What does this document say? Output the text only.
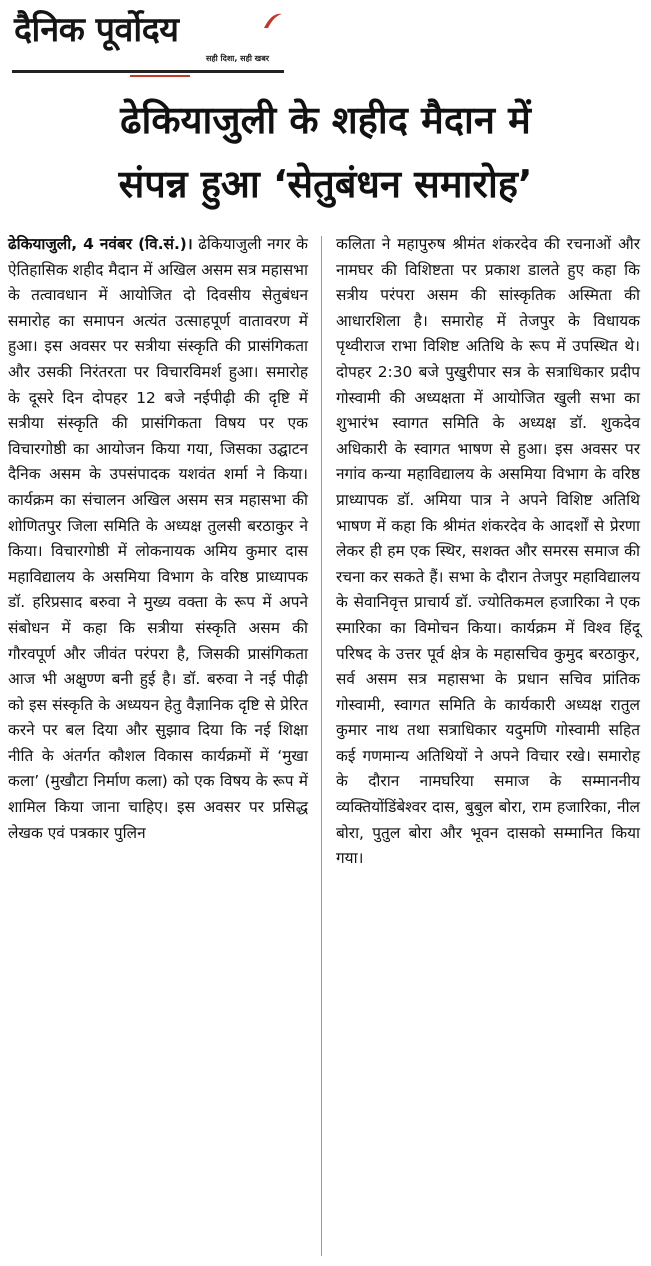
दैनिक पूर्वोदय
सही दिशा, सही खबर
ढेकियाजुली के शहीद मैदान में
संपन्न हुआ ‘सेतुबंधन समारोह’
ढेकियाजुली, 4 नवंबर (वि.सं.)। ढेकियाजुली नगर के ऐतिहासिक शहीद मैदान में अखिल असम सत्र महासभा के तत्वावधान में आयोजित दो दिवसीय सेतुबंधन समारोह का समापन अत्यंत उत्साहपूर्ण वातावरण में हुआ। इस अवसर पर सत्रीया संस्कृति की प्रासंगिकता और उसकी निरंतरता पर विचार‍विमर्श हुआ। समारोह के दूसरे दिन दोपहर 12 बजे नई‍पीढ़ी की दृष्टि में सत्रीया संस्कृति की प्रासंगिकता विषय पर एक विचारगोष्ठी का आयोजन किया गया, जिसका उद्घाटन दैनिक असम के उप‍संपादक यशवंत शर्मा ने किया। कार्यक्रम का संचालन अखिल असम सत्र महासभा की शोणितपुर जिला समिति के अध्यक्ष तुलसी बरठाकुर ने किया। विचारगोष्ठी में लोकनायक अमिय कुमार दास महाविद्यालय के असमिया विभाग के वरिष्ठ प्राध्यापक डॉ. हरिप्रसाद बरुवा ने मुख्य वक्ता के रूप में अपने संबोधन में कहा कि सत्रीया संस्कृति असम की गौरवपूर्ण और जीवंत परंपरा है, जिसकी प्रासंगिकता आज भी अक्षुण्ण बनी हुई है। डॉ. बरुवा ने नई पीढ़ी को इस संस्कृति के अध्ययन हेतु वैज्ञानिक दृष्टि से प्रेरित करने पर बल दिया और सुझाव दिया कि नई शिक्षा नीति के अंतर्गत कौशल विकास कार्यक्रमों में ‘मुखा कला’ (मुखौटा निर्माण कला) को एक विषय के रूप में शामिल किया जाना चाहिए। इस अवसर पर प्रसिद्ध लेखक एवं पत्रकार पुलिन
कलिता ने महापुरुष श्रीमंत शंकरदेव की रचनाओं और नामघर की विशिष्टता पर प्रकाश डालते हुए कहा कि सत्रीय परंपरा असम की सांस्कृतिक अस्मिता की आधारशिला है। समारोह में तेजपुर के विधायक पृथ्वीराज राभा विशिष्ट अतिथि के रूप में उपस्थित थे। दोपहर 2:30 बजे पुखुरीपार सत्र के सत्राधिकार प्रदीप गोस्वामी की अध्यक्षता में आयोजित खुली सभा का शुभारंभ स्वागत समिति के अध्यक्ष डॉ. शुकदेव अधिकारी के स्वागत भाषण से हुआ। इस अवसर पर नगांव कन्या महाविद्यालय के असमिया विभाग के वरिष्ठ प्राध्यापक डॉ. अमिया पात्र ने अपने विशिष्ट अतिथि भाषण में कहा कि श्रीमंत शंकरदेव के आदर्शों से प्रेरणा लेकर ही हम एक स्थिर, सशक्त और समरस समाज की रचना कर सकते हैं। सभा के दौरान तेजपुर महाविद्यालय के सेवानिवृत्त प्राचार्य डॉ. ज्योतिकमल हजारिका ने एक स्मारिका का विमोचन किया। कार्यक्रम में विश्व हिंदू परिषद के उत्तर पूर्व क्षेत्र के महासचिव कुमुद बरठाकुर, सर्व असम सत्र महासभा के प्रधान सचिव प्रांतिक गोस्वामी, स्वागत समिति के कार्यकारी अध्यक्ष रातुल कुमार नाथ तथा सत्राधिकार यदुमणि गोस्वामी सहित कई गणमान्य अतिथियों ने अपने विचार रखे। समारोह के दौरान नामघरिया समाज के सम्माननीय व्यक्तियों‍डिंबेश्वर दास, बुबुल बोरा, राम हजारिका, नील बोरा, पुतुल बोरा और भूवन दास‍को सम्मानित किया गया।
